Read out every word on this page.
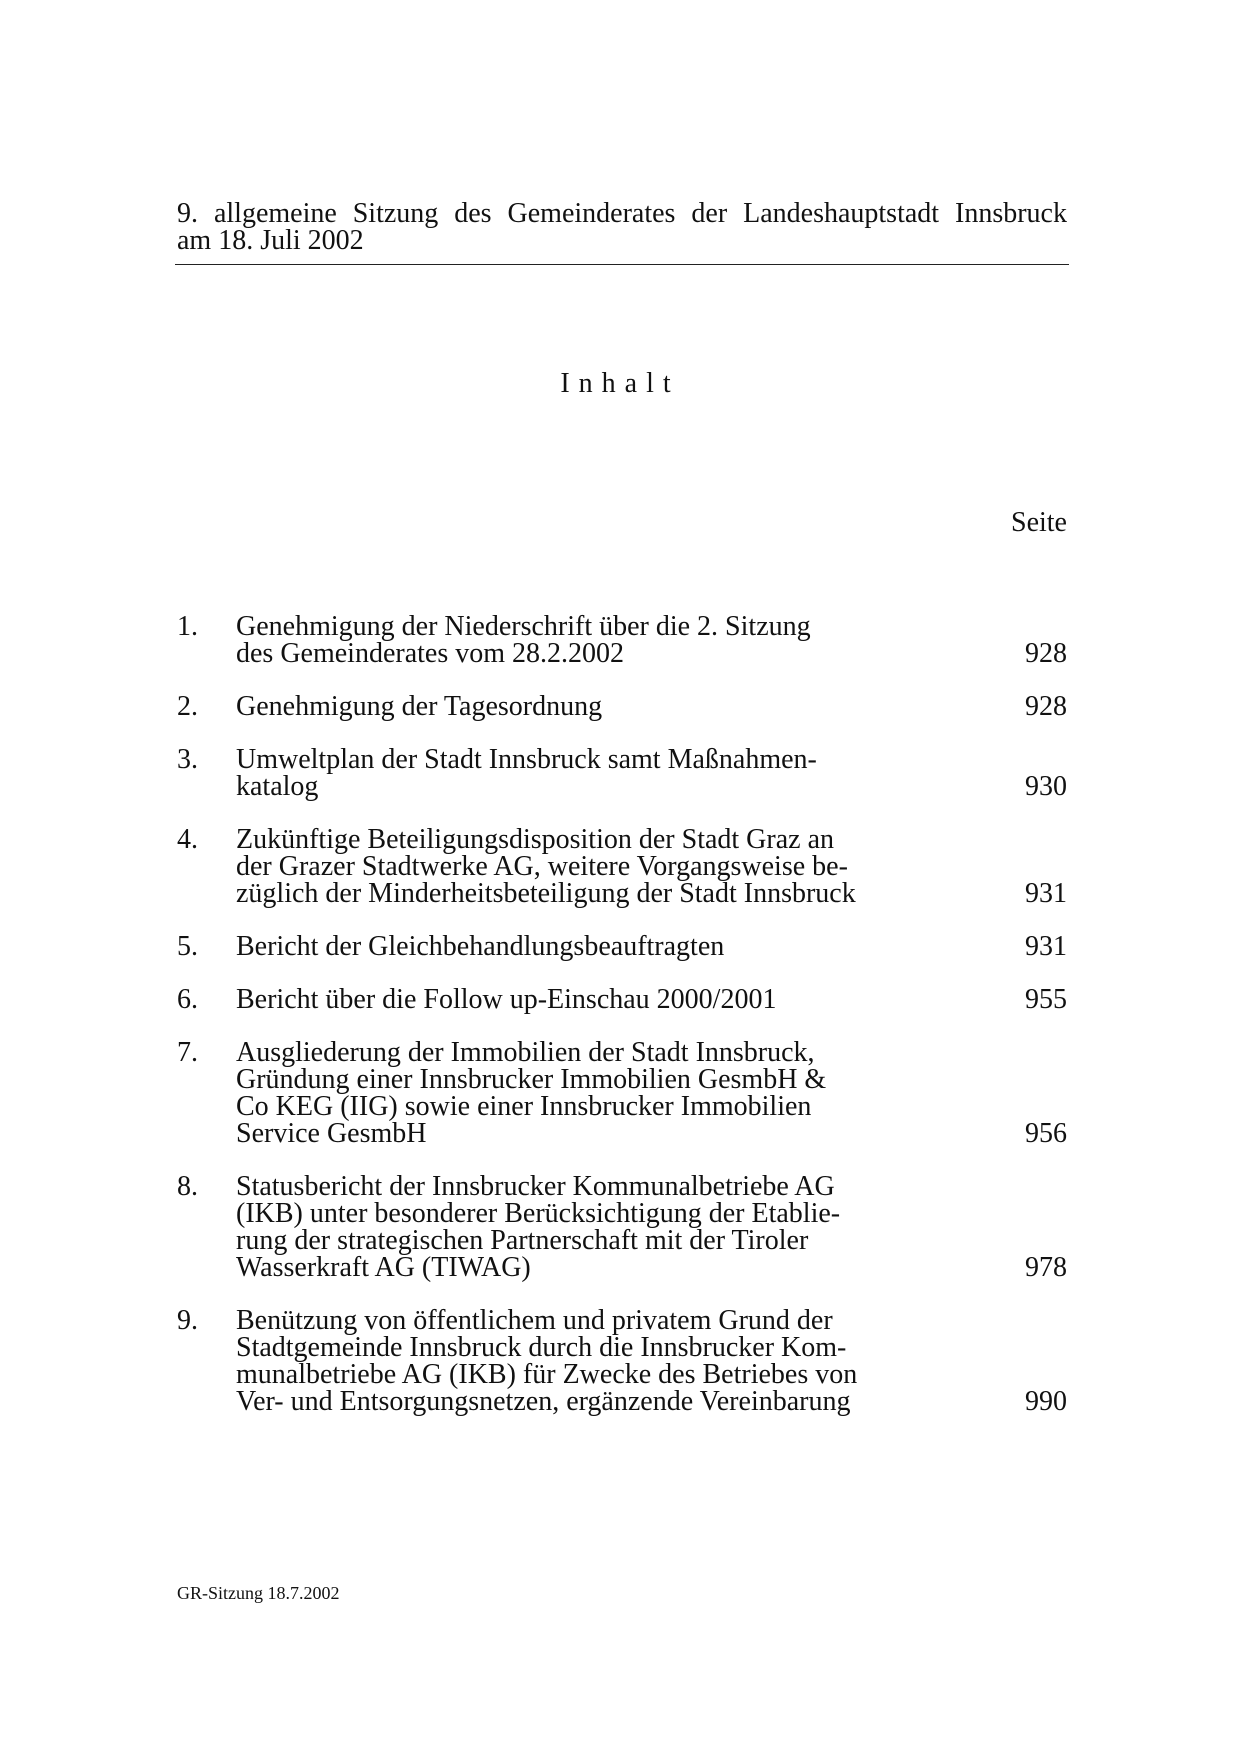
9. allgemeine Sitzung des Gemeinderates der Landeshauptstadt Innsbruck
am 18. Juli 2002
Inhalt
Seite
1. Genehmigung der Niederschrift über die 2. Sitzung
des Gemeinderates vom 28.2.2002	928
2. Genehmigung der Tagesordnung	928
3. Umweltplan der Stadt Innsbruck samt Maßnahmen-
katalog	930
4. Zukünftige Beteiligungsdisposition der Stadt Graz an
der Grazer Stadtwerke AG, weitere Vorgangsweise be-
züglich der Minderheitsbeteiligung der Stadt Innsbruck	931
5. Bericht der Gleichbehandlungsbeauftragten	931
6. Bericht über die Follow up-Einschau 2000/2001	955
7. Ausgliederung der Immobilien der Stadt Innsbruck,
Gründung einer Innsbrucker Immobilien GesmbH &
Co KEG (IIG) sowie einer Innsbrucker Immobilien
Service GesmbH	956
8. Statusbericht der Innsbrucker Kommunalbetriebe AG
(IKB) unter besonderer Berücksichtigung der Etablie-
rung der strategischen Partnerschaft mit der Tiroler
Wasserkraft AG (TIWAG)	978
9. Benützung von öffentlichem und privatem Grund der
Stadtgemeinde Innsbruck durch die Innsbrucker Kom-
munalbetriebe AG (IKB) für Zwecke des Betriebes von
Ver- und Entsorgungsnetzen, ergänzende Vereinbarung	990
GR-Sitzung 18.7.2002
